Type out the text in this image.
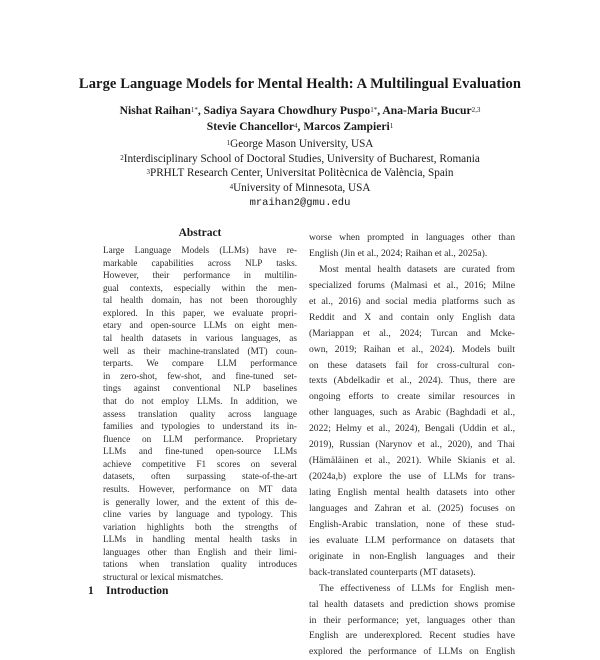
Large Language Models for Mental Health: A Multilingual Evaluation
Nishat Raihan$^{1*}$, Sadiya Sayara Chowdhury Puspo$^{1*}$, Ana-Maria Bucur$^{2,3}$
Stevie Chancellor$^4$, Marcos Zampieri$^1$
$^1$George Mason University, USA
$^2$Interdisciplinary School of Doctoral Studies, University of Bucharest, Romania
$^3$PRHLT Research Center, Universitat Politècnica de València, Spain
$^4$University of Minnesota, USA
mraihan2@gmu.edu
Abstract
Large Language Models (LLMs) have re-
markable capabilities across NLP tasks.
However, their performance in multilin-
gual contexts, especially within the men-
tal health domain, has not been thoroughly
explored. In this paper, we evaluate propri-
etary and open-source LLMs on eight men-
tal health datasets in various languages, as
well as their machine-translated (MT) coun-
terparts. We compare LLM performance
in zero-shot, few-shot, and fine-tuned set-
tings against conventional NLP baselines
that do not employ LLMs. In addition, we
assess translation quality across language
families and typologies to understand its in-
fluence on LLM performance. Proprietary
LLMs and fine-tuned open-source LLMs
achieve competitive F1 scores on several
datasets, often surpassing state-of-the-art
results. However, performance on MT data
is generally lower, and the extent of this de-
cline varies by language and typology. This
variation highlights both the strengths of
LLMs in handling mental health tasks in
languages other than English and their limi-
tations when translation quality introduces
structural or lexical mismatches.
1 Introduction
worse when prompted in languages other than
English (Jin et al., 2024; Raihan et al., 2025a).
Most mental health datasets are curated from
specialized forums (Malmasi et al., 2016; Milne
et al., 2016) and social media platforms such as
Reddit and X and contain only English data
(Mariappan et al., 2024; Turcan and Mcke-
own, 2019; Raihan et al., 2024). Models built
on these datasets fail for cross-cultural con-
texts (Abdelkadir et al., 2024). Thus, there are
ongoing efforts to create similar resources in
other languages, such as Arabic (Baghdadi et al.,
2022; Helmy et al., 2024), Bengali (Uddin et al.,
2019), Russian (Narynov et al., 2020), and Thai
(Hämäläinen et al., 2021). While Skianis et al.
(2024a,b) explore the use of LLMs for trans-
lating English mental health datasets into other
languages and Zahran et al. (2025) focuses on
English-Arabic translation, none of these stud-
ies evaluate LLM performance on datasets that
originate in non-English languages and their
back-translated counterparts (MT datasets).
The effectiveness of LLMs for English men-
tal health datasets and prediction shows promise
in their performance; yet, languages other than
English are underexplored. Recent studies have
explored the performance of LLMs on English
